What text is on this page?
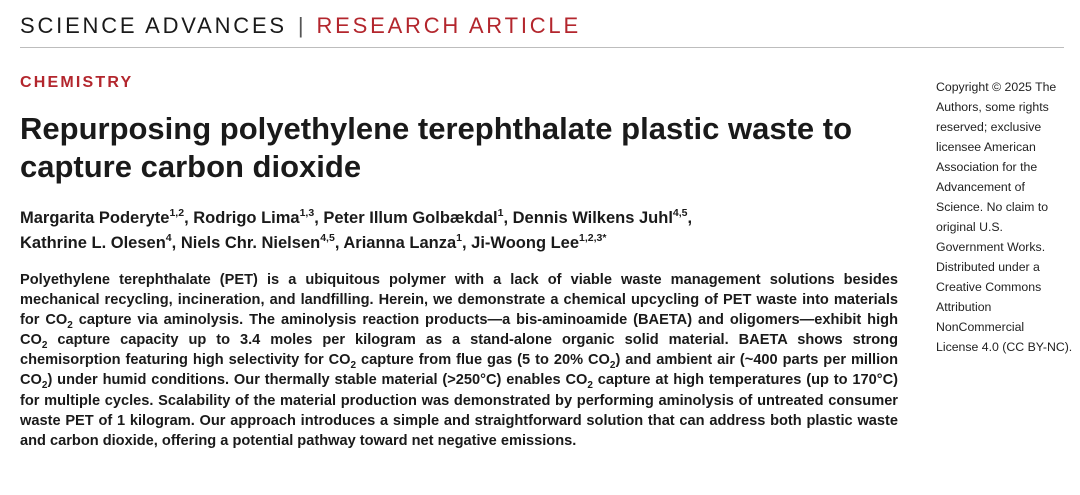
SCIENCE ADVANCES | RESEARCH ARTICLE
CHEMISTRY
Repurposing polyethylene terephthalate plastic waste to capture carbon dioxide
Margarita Poderyte$^{1,2}$, Rodrigo Lima$^{1,3}$, Peter Illum Golbækdal$^1$, Dennis Wilkens Juhl$^{4,5}$,
Kathrine L. Olesen$^4$, Niels Chr. Nielsen$^{4,5}$, Arianna Lanza$^1$, Ji-Woong Lee$^{1,2,3*}$
Polyethylene terephthalate (PET) is a ubiquitous polymer with a lack of viable waste management solutions besides mechanical recycling, incineration, and landfilling. Herein, we demonstrate a chemical upcycling of PET waste into materials for $CO_2$ capture via aminolysis. The aminolysis reaction products—a bis-aminoamide (BAETA) and oligomers—exhibit high $CO_2$ capture capacity up to 3.4 moles per kilogram as a stand-alone organic solid material. BAETA shows strong chemisorption featuring high selectivity for $CO_2$ capture from flue gas (5 to 20% $CO_2$) and ambient air (~400 parts per million $CO_2$) under humid conditions. Our thermally stable material (>250°C) enables $CO_2$ capture at high temperatures (up to 170°C) for multiple cycles. Scalability of the material production was demonstrated by performing aminolysis of untreated consumer waste PET of 1 kilogram. Our approach introduces a simple and straightforward solution that can address both plastic waste and carbon dioxide, offering a potential pathway toward net negative emissions.
Copyright © 2025 The
Authors, some rights
reserved; exclusive
licensee American
Association for the
Advancement of
Science. No claim to
original U.S.
Government Works.
Distributed under a
Creative Commons
Attribution
NonCommercial
License 4.0 (CC BY-NC).
